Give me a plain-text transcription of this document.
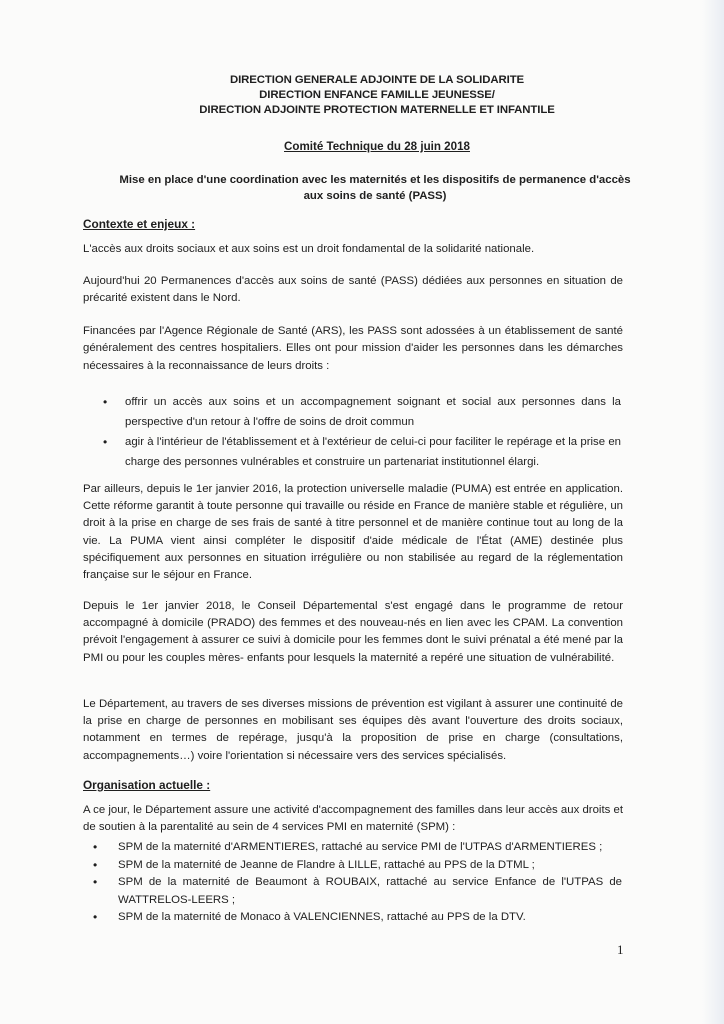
DIRECTION GENERALE ADJOINTE DE LA SOLIDARITE
DIRECTION ENFANCE FAMILLE JEUNESSE/
DIRECTION ADJOINTE PROTECTION MATERNELLE ET INFANTILE
Comité Technique du 28 juin 2018
Mise en place d'une coordination avec les maternités et les dispositifs de permanence d'accès aux soins de santé (PASS)
Contexte et enjeux :
L'accès aux droits sociaux et aux soins est un droit fondamental de la solidarité nationale.
Aujourd'hui 20 Permanences d'accès aux soins de santé (PASS) dédiées aux personnes en situation de précarité existent dans le Nord.
Financées par l'Agence Régionale de Santé (ARS), les PASS sont adossées à un établissement de santé généralement des centres hospitaliers. Elles ont pour mission d'aider les personnes dans les démarches nécessaires à la reconnaissance de leurs droits :
• offrir un accès aux soins et un accompagnement soignant et social aux personnes dans la perspective d'un retour à l'offre de soins de droit commun
• agir à l'intérieur de l'établissement et à l'extérieur de celui-ci pour faciliter le repérage et la prise en charge des personnes vulnérables et construire un partenariat institutionnel élargi.
Par ailleurs, depuis le 1er janvier 2016, la protection universelle maladie (PUMA) est entrée en application. Cette réforme garantit à toute personne qui travaille ou réside en France de manière stable et régulière, un droit à la prise en charge de ses frais de santé à titre personnel et de manière continue tout au long de la vie. La PUMA vient ainsi compléter le dispositif d'aide médicale de l'État (AME) destinée plus spécifiquement aux personnes en situation irrégulière ou non stabilisée au regard de la réglementation française sur le séjour en France.
Depuis le 1er janvier 2018, le Conseil Départemental s'est engagé dans le programme de retour accompagné à domicile (PRADO) des femmes et des nouveau-nés en lien avec les CPAM. La convention prévoit l'engagement à assurer ce suivi à domicile pour les femmes dont le suivi prénatal a été mené par la PMI ou pour les couples mères- enfants pour lesquels la maternité a repéré une situation de vulnérabilité.
Le Département, au travers de ses diverses missions de prévention est vigilant à assurer une continuité de la prise en charge de personnes en mobilisant ses équipes dès avant l'ouverture des droits sociaux, notamment en termes de repérage, jusqu'à la proposition de prise en charge (consultations, accompagnements…) voire l'orientation si nécessaire vers des services spécialisés.
Organisation actuelle :
A ce jour, le Département assure une activité d'accompagnement des familles dans leur accès aux droits et de soutien à la parentalité au sein de 4 services PMI en maternité (SPM) :
• SPM de la maternité d'ARMENTIERES, rattaché au service PMI de l'UTPAS d'ARMENTIERES ;
• SPM de la maternité de Jeanne de Flandre à LILLE, rattaché au PPS de la DTML ;
• SPM de la maternité de Beaumont à ROUBAIX, rattaché au service Enfance de l'UTPAS de WATTRELOS-LEERS ;
• SPM de la maternité de Monaco à VALENCIENNES, rattaché au PPS de la DTV.
1
